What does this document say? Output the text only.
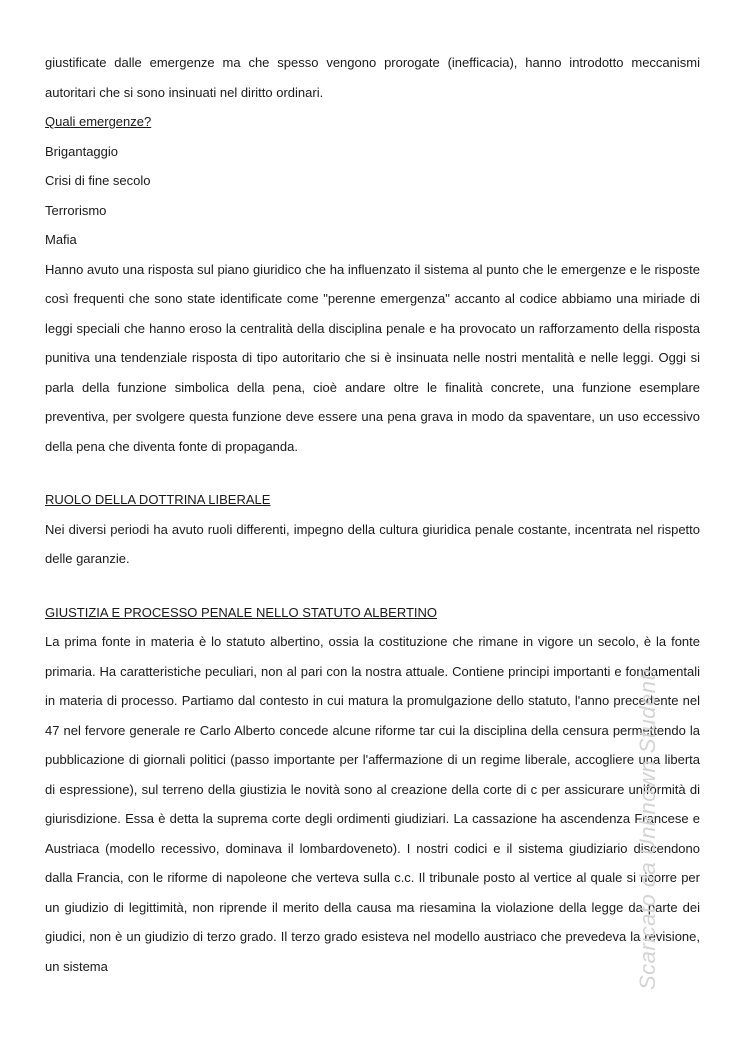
giustificate dalle emergenze ma che spesso vengono prorogate (inefficacia), hanno introdotto meccanismi autoritari che si sono insinuati nel diritto ordinari.

Quali emergenze?

Brigantaggio

Crisi di fine secolo

Terrorismo

Mafia

Hanno avuto una risposta sul piano giuridico che ha influenzato il sistema al punto che le emergenze e le risposte così frequenti che sono state identificate come "perenne emergenza" accanto al codice abbiamo una miriade di leggi speciali che hanno eroso la centralità della disciplina penale e ha provocato un rafforzamento della risposta punitiva una tendenziale risposta di tipo autoritario che si è insinuata nelle nostri mentalità e nelle leggi. Oggi si parla della funzione simbolica della pena, cioè andare oltre le finalità concrete, una funzione esemplare preventiva, per svolgere questa funzione deve essere una pena grava in modo da spaventare, un uso eccessivo della pena che diventa fonte di propaganda.

RUOLO DELLA DOTTRINA LIBERALE

Nei diversi periodi ha avuto ruoli differenti, impegno della cultura giuridica penale costante, incentrata nel rispetto delle garanzie.

GIUSTIZIA E PROCESSO PENALE NELLO STATUTO ALBERTINO

La prima fonte in materia è lo statuto albertino, ossia la costituzione che rimane in vigore un secolo, è la fonte primaria. Ha caratteristiche peculiari, non al pari con la nostra attuale. Contiene principi importanti e fondamentali in materia di processo. Partiamo dal contesto in cui matura la promulgazione dello statuto, l'anno precedente nel 47 nel fervore generale re Carlo Alberto concede alcune riforme tar cui la disciplina della censura permettendo la pubblicazione di giornali politici (passo importante per l'affermazione di un regime liberale, accogliere una liberta di espressione), sul terreno della giustizia le novità sono al creazione della corte di c per assicurare uniformità di giurisdizione. Essa è detta la suprema corte degli ordimenti giudiziari. La cassazione ha ascendenza Francese e Austriaca (modello recessivo, dominava il lombardoveneto). I nostri codici e il sistema giudiziario discendono dalla Francia, con le riforme di napoleone che verteva sulla c.c. Il tribunale posto al vertice al quale si ricorre per un giudizio di legittimità, non riprende il merito della causa ma riesamina la violazione della legge da parte dei giudici, non è un giudizio di terzo grado. Il terzo grado esisteva nel modello austriaco che prevedeva la revisione, un sistema	Scaricato da Unknown Studenti
